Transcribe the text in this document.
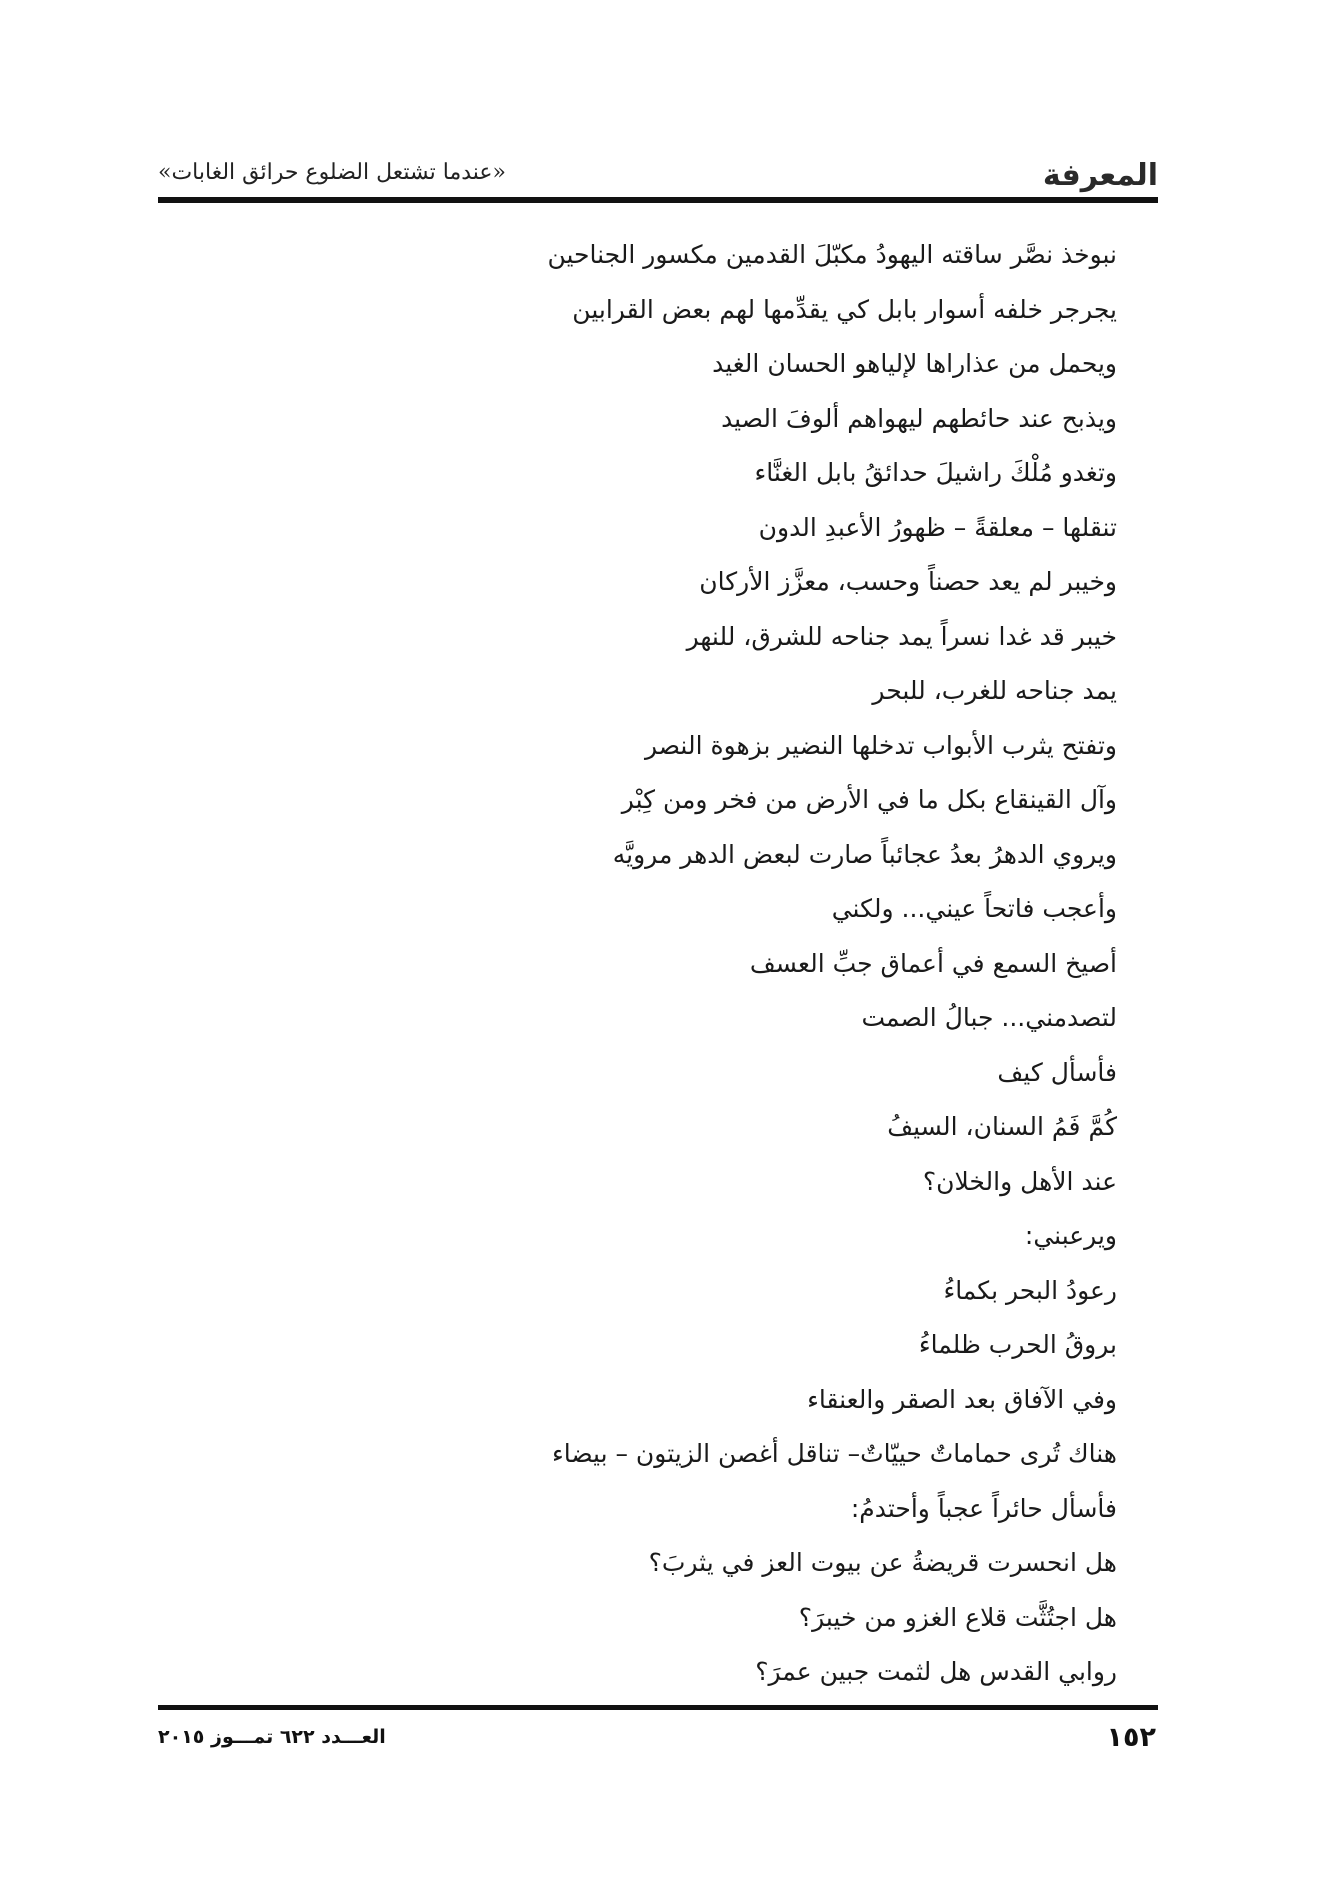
المعرفة
«عندما تشتعل الضلوع حرائق الغابات»
نبوخذ نصَّر ساقته اليهودُ مكبّلَ القدمين مكسور الجناحين
يجرجر خلفه أسوار بابل كي يقدِّمها لهم بعض القرابين
ويحمل من عذاراها لإلياهو الحسان الغيد
ويذبح عند حائطهم ليهواهم ألوفَ الصيد
وتغدو مُلْكَ راشيلَ حدائقُ بابل الغنَّاء
تنقلها – معلقةً – ظهورُ الأعبدِ الدون
وخيبر لم يعد حصناً وحسب، معزَّز الأركان
خيبر قد غدا نسراً يمد جناحه للشرق، للنهر
يمد جناحه للغرب، للبحر
وتفتح يثرب الأبواب تدخلها النضير بزهوة النصر
وآل القينقاع بكل ما في الأرض من فخر ومن كِبْر
ويروي الدهرُ بعدُ عجائباً صارت لبعض الدهر مرويَّه
وأعجب فاتحاً عيني... ولكني
أصيخ السمع في أعماق جبِّ العسف
لتصدمني... جبالُ الصمت
فأسأل كيف
كُمَّ فَمُ السنان، السيفُ
عند الأهل والخلان؟
ويرعبني:
رعودُ البحر بكماءُ
بروقُ الحرب ظلماءُ
وفي الآفاق بعد الصقر والعنقاء
هناك تُرى حماماتٌ حييّاتٌ– تناقل أغصن الزيتون – بيضاء
فأسأل حائراً عجباً وأحتدمُ:
هل انحسرت قريضةُ عن بيوت العز في يثربَ؟
هل اجتُثَّت قلاع الغزو من خيبرَ؟
روابي القدس هل لثمت جبين عمرَ؟
١٥٢
العـــدد ٦٢٢ تمـــوز ٢٠١٥
